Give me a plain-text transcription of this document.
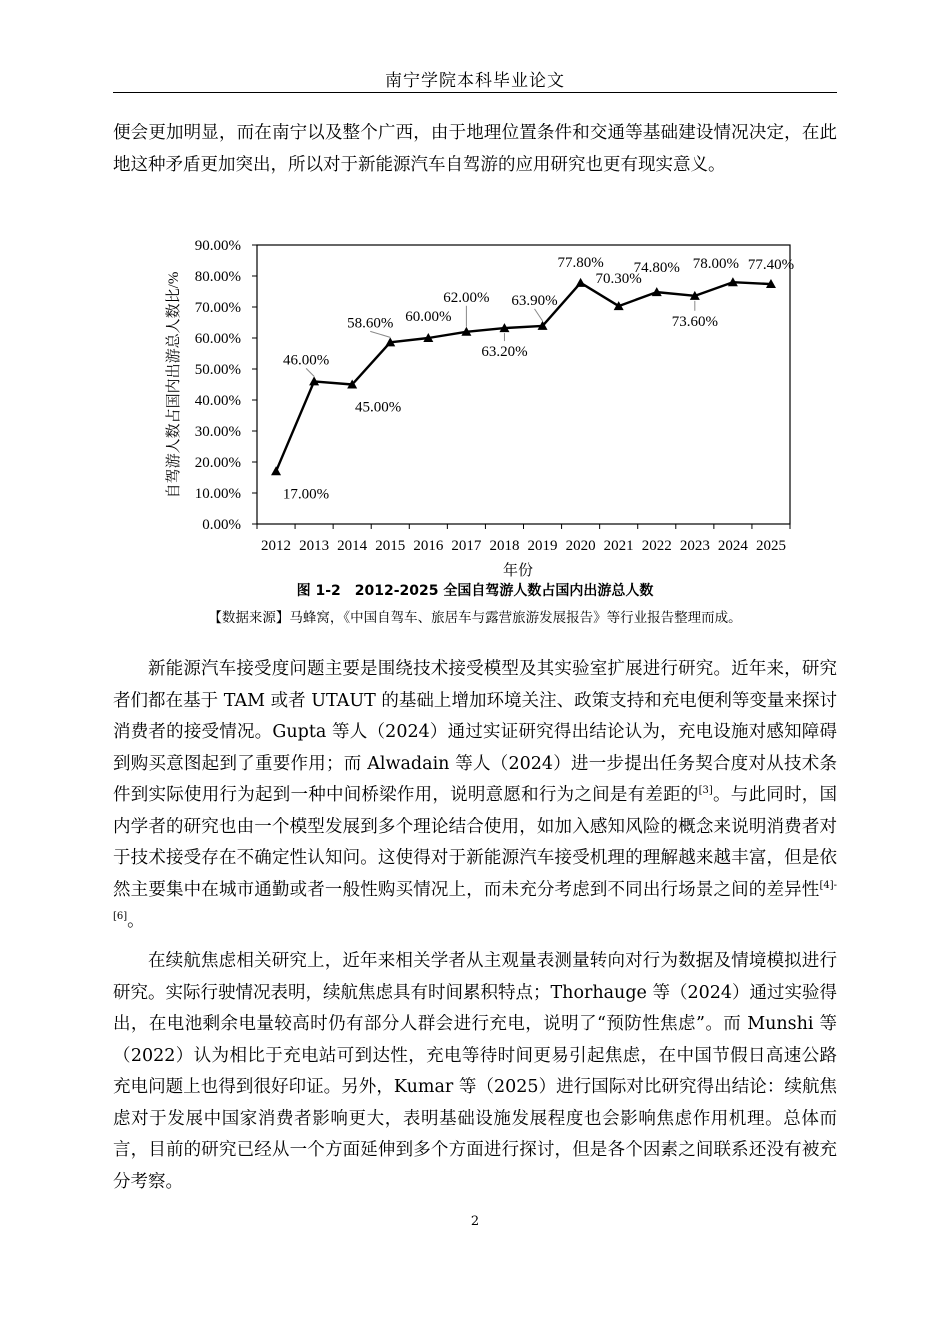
南宁学院本科毕业论文

便会更加明显，而在南宁以及整个广西，由于地理位置条件和交通等基础建设情况决定，在此地这种矛盾更加突出，所以对于新能源汽车自驾游的应用研究也更有现实意义。

自驾游人数占国内出游总人数比/%
0.00%
10.00%
20.00%
30.00%
40.00%
50.00%
60.00%
70.00%
80.00%
90.00%
2012 2013 2014 2015 2016 2017 2018 2019 2020 2021 2022 2023 2024 2025
17.00%
46.00%
45.00%
58.60% 60.00%
62.00%
63.20%
63.90%
77.80%
70.30%
74.80%
73.60%
78.00% 77.40%
年份
图 1-2　2012-2025 全国自驾游人数占国内出游总人数
【数据来源】马蜂窝，《中国自驾车、旅居车与露营旅游发展报告》等行业报告整理而成。

新能源汽车接受度问题主要是围绕技术接受模型及其实验室扩展进行研究。近年来，研究者们都在基于 TAM 或者 UTAUT 的基础上增加环境关注、政策支持和充电便利等变量来探讨消费者的接受情况。Gupta 等人（2024）通过实证研究得出结论认为，充电设施对感知障碍到购买意图起到了重要作用；而 Alwadain 等人（2024）进一步提出任务契合度对从技术条件到实际使用行为起到一种中间桥梁作用，说明意愿和行为之间是有差距的[3]。与此同时，国内学者的研究也由一个模型发展到多个理论结合使用，如加入感知风险的概念来说明消费者对于技术接受存在不确定性认知问。这使得对于新能源汽车接受机理的理解越来越丰富，但是依然主要集中在城市通勤或者一般性购买情况上，而未充分考虑到不同出行场景之间的差异性[4]-[6]。

在续航焦虑相关研究上，近年来相关学者从主观量表测量转向对行为数据及情境模拟进行研究。实际行驶情况表明，续航焦虑具有时间累积特点；Thorhauge 等（2024）通过实验得出，在电池剩余电量较高时仍有部分人群会进行充电，说明了“预防性焦虑”。而 Munshi 等（2022）认为相比于充电站可到达性，充电等待时间更易引起焦虑，在中国节假日高速公路充电问题上也得到很好印证。另外，Kumar 等（2025）进行国际对比研究得出结论：续航焦虑对于发展中国家消费者影响更大，表明基础设施发展程度也会影响焦虑作用机理。总体而言，目前的研究已经从一个方面延伸到多个方面进行探讨，但是各个因素之间联系还没有被充分考察。

2
